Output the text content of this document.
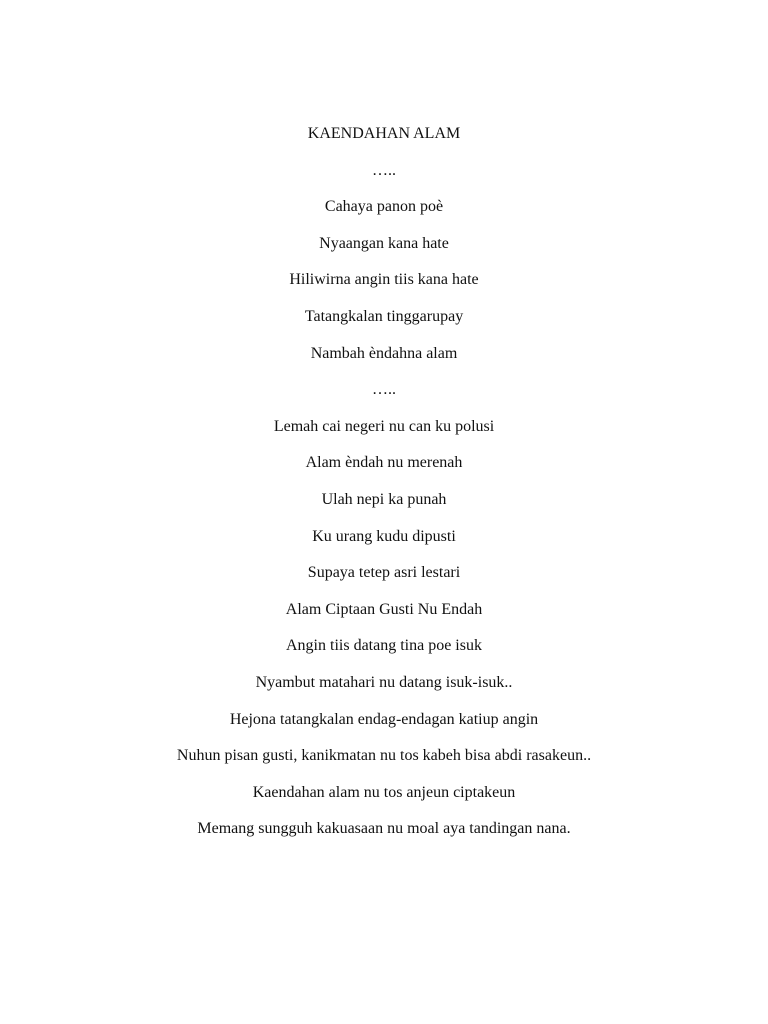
KAENDAHAN ALAM
…..
Cahaya panon poè
Nyaangan kana hate
Hiliwirna angin tiis kana hate
Tatangkalan tinggarupay
Nambah èndahna alam
…..
Lemah cai negeri nu can ku polusi
Alam èndah nu merenah
Ulah nepi ka punah
Ku urang kudu dipusti
Supaya tetep asri lestari
Alam Ciptaan Gusti Nu Endah
Angin tiis datang tina poe isuk
Nyambut matahari nu datang isuk-isuk..
Hejona tatangkalan endag-endagan katiup angin
Nuhun pisan gusti, kanikmatan nu tos kabeh bisa abdi rasakeun..
Kaendahan alam nu tos anjeun ciptakeun
Memang sungguh kakuasaan nu moal aya tandingan nana.
